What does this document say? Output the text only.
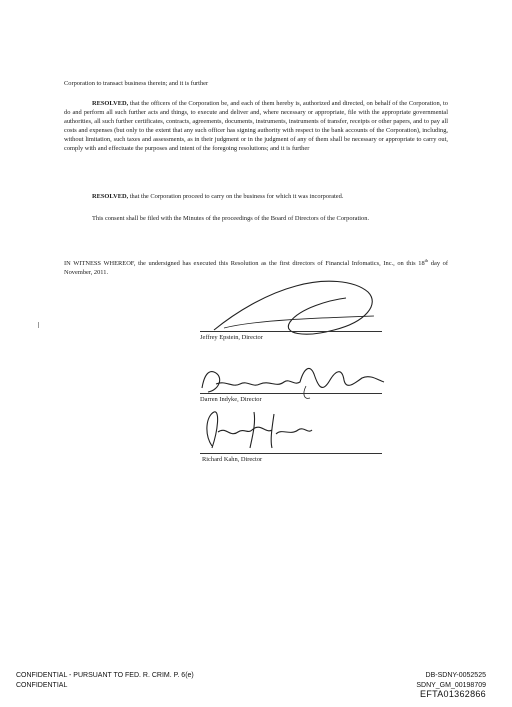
Corporation to transact business therein; and it is further
RESOLVED, that the officers of the Corporation be, and each of them hereby is, authorized and directed, on behalf of the Corporation, to do and perform all such further acts and things, to execute and deliver and, where necessary or appropriate, file with the appropriate governmental authorities, all such further certificates, contracts, agreements, documents, instruments, instruments of transfer, receipts or other papers, and to pay all costs and expenses (but only to the extent that any such officer has signing authority with respect to the bank accounts of the Corporation), including, without limitation, such taxes and assessments, as in their judgment or in the judgment of any of them shall be necessary or appropriate to carry out, comply with and effectuate the purposes and intent of the foregoing resolutions; and it is further
RESOLVED, that the Corporation proceed to carry on the business for which it was incorporated.
This consent shall be filed with the Minutes of the proceedings of the Board of Directors of the Corporation.
IN WITNESS WHEREOF, the undersigned has executed this Resolution as the first directors of Financial Infomatics, Inc., on this 18th day of November, 2011.
Jeffrey Epstein, Director
Darren Indyke, Director
Richard Kahn, Director
CONFIDENTIAL - PURSUANT TO FED. R. CRIM. P. 6(e)
CONFIDENTIAL
DB-SDNY-0052525
SDNY_GM_00198709
EFTA01362866
